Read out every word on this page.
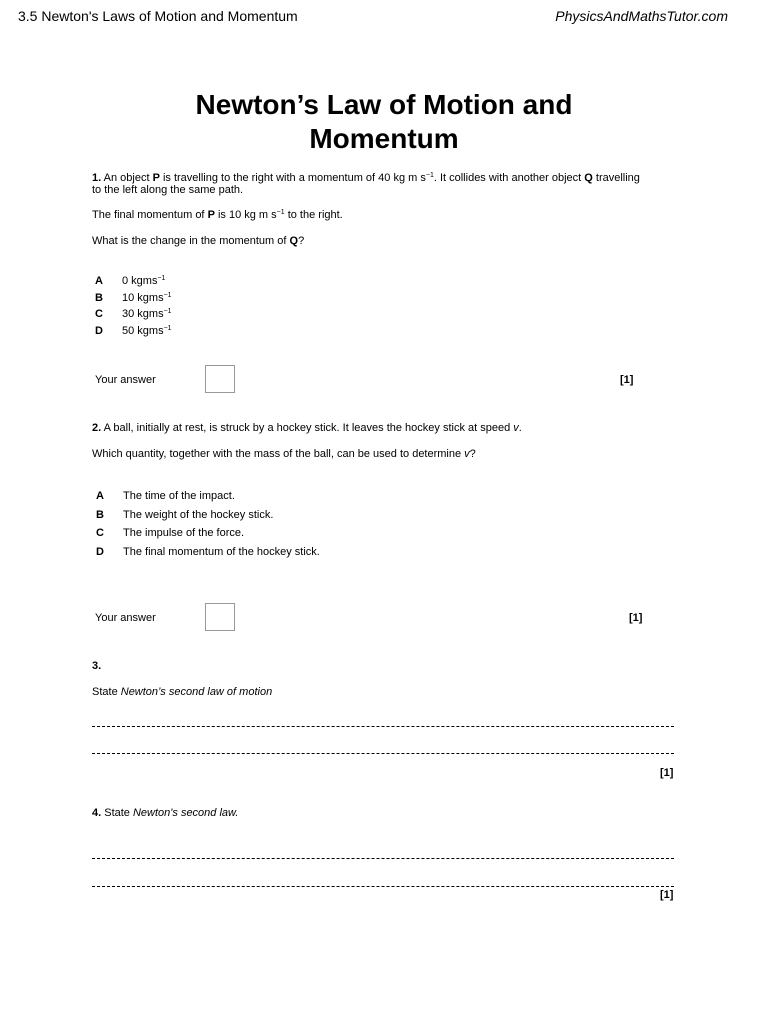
3.5 Newton's Laws of Motion and Momentum	PhysicsAndMathsTutor.com
Newton’s Law of Motion and
Momentum
1. An object P is travelling to the right with a momentum of 40 kg m $s^{-1}$. It collides with another object Q travelling
to the left along the same path.
The final momentum of P is 10 kg m $s^{-1}$ to the right.
What is the change in the momentum of Q?
A	0 kgms$^{-1}$
B	10 kgms$^{-1}$
C	30 kgms$^{-1}$
D	50 kgms$^{-1}$
Your answer	[1]
2. A ball, initially at rest, is struck by a hockey stick. It leaves the hockey stick at speed v.
Which quantity, together with the mass of the ball, can be used to determine v?
A	The time of the impact.
B	The weight of the hockey stick.
C	The impulse of the force.
D	The final momentum of the hockey stick.
Your answer	[1]
3.
State Newton’s second law of motion
[1]
4. State Newton's second law.
[1]
